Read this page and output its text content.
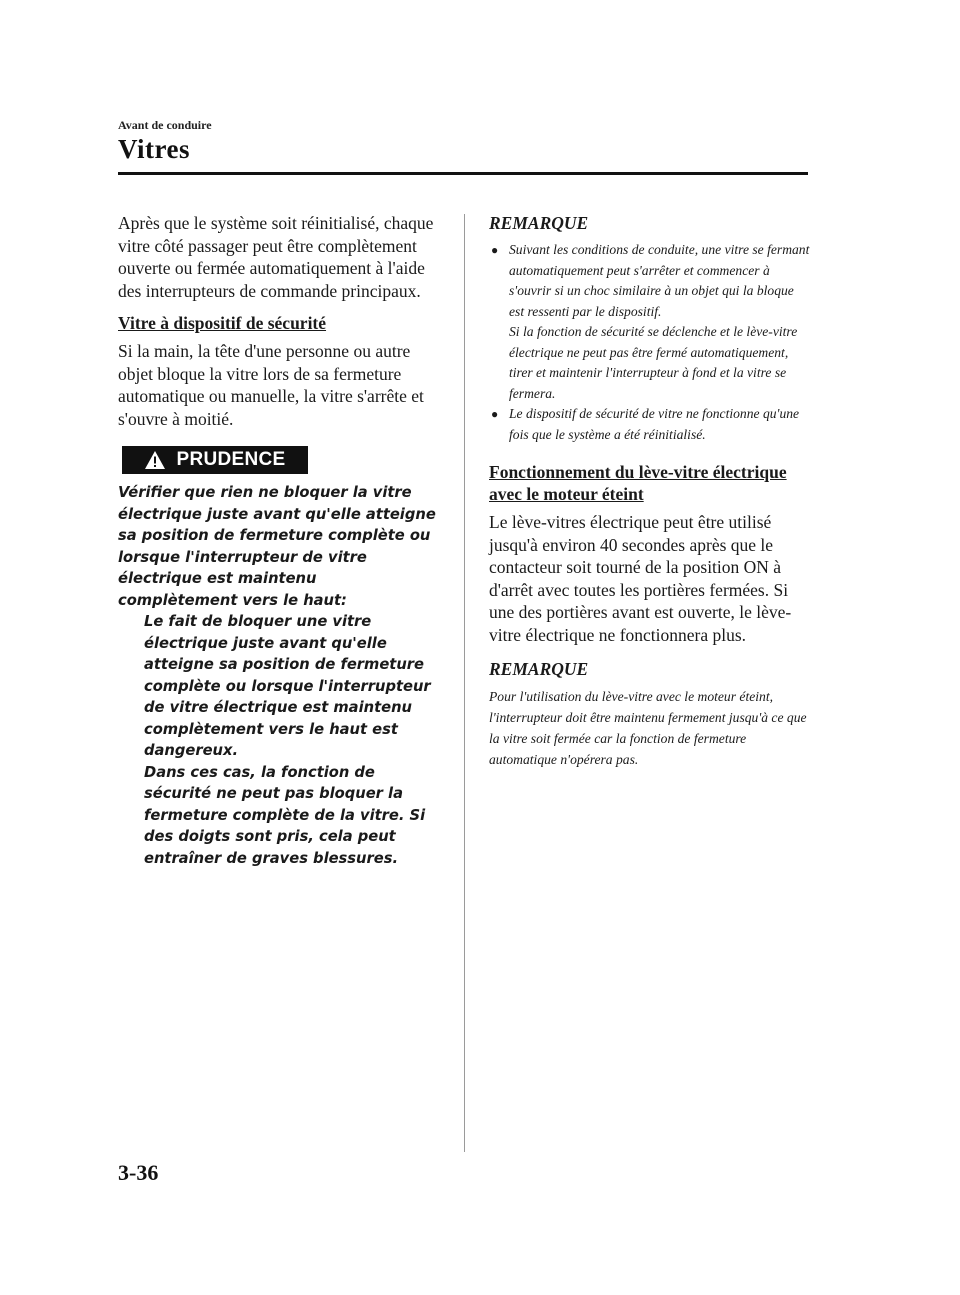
Avant de conduire
Vitres

Après que le système soit réinitialisé, chaque vitre côté passager peut être complètement ouverte ou fermée automatiquement à l'aide des interrupteurs de commande principaux.

Vitre à dispositif de sécurité

Si la main, la tête d'une personne ou autre objet bloque la vitre lors de sa fermeture automatique ou manuelle, la vitre s'arrête et s'ouvre à moitié.

PRUDENCE

Vérifier que rien ne bloquer la vitre électrique juste avant qu'elle atteigne sa position de fermeture complète ou lorsque l'interrupteur de vitre électrique est maintenu complètement vers le haut:

Le fait de bloquer une vitre électrique juste avant qu'elle atteigne sa position de fermeture complète ou lorsque l'interrupteur de vitre électrique est maintenu complètement vers le haut est dangereux.

Dans ces cas, la fonction de sécurité ne peut pas bloquer la fermeture complète de la vitre. Si des doigts sont pris, cela peut entraîner de graves blessures.

REMARQUE
● Suivant les conditions de conduite, une vitre se fermant automatiquement peut s'arrêter et commencer à s'ouvrir si un choc similaire à un objet qui la bloque est ressenti par le dispositif.
Si la fonction de sécurité se déclenche et le lève-vitre électrique ne peut pas être fermé automatiquement, tirer et maintenir l'interrupteur à fond et la vitre se fermera.
● Le dispositif de sécurité de vitre ne fonctionne qu'une fois que le système a été réinitialisé.
Fonctionnement du lève-vitre électrique avec le moteur éteint

Le lève-vitres électrique peut être utilisé jusqu'à environ 40 secondes après que le contacteur soit tourné de la position ON à d'arrêt avec toutes les portières fermées. Si une des portières avant est ouverte, le lève-vitre électrique ne fonctionnera plus.

REMARQUE

Pour l'utilisation du lève-vitre avec le moteur éteint, l'interrupteur doit être maintenu fermement jusqu'à ce que la vitre soit fermée car la fonction de fermeture automatique n'opérera pas.

3-36
